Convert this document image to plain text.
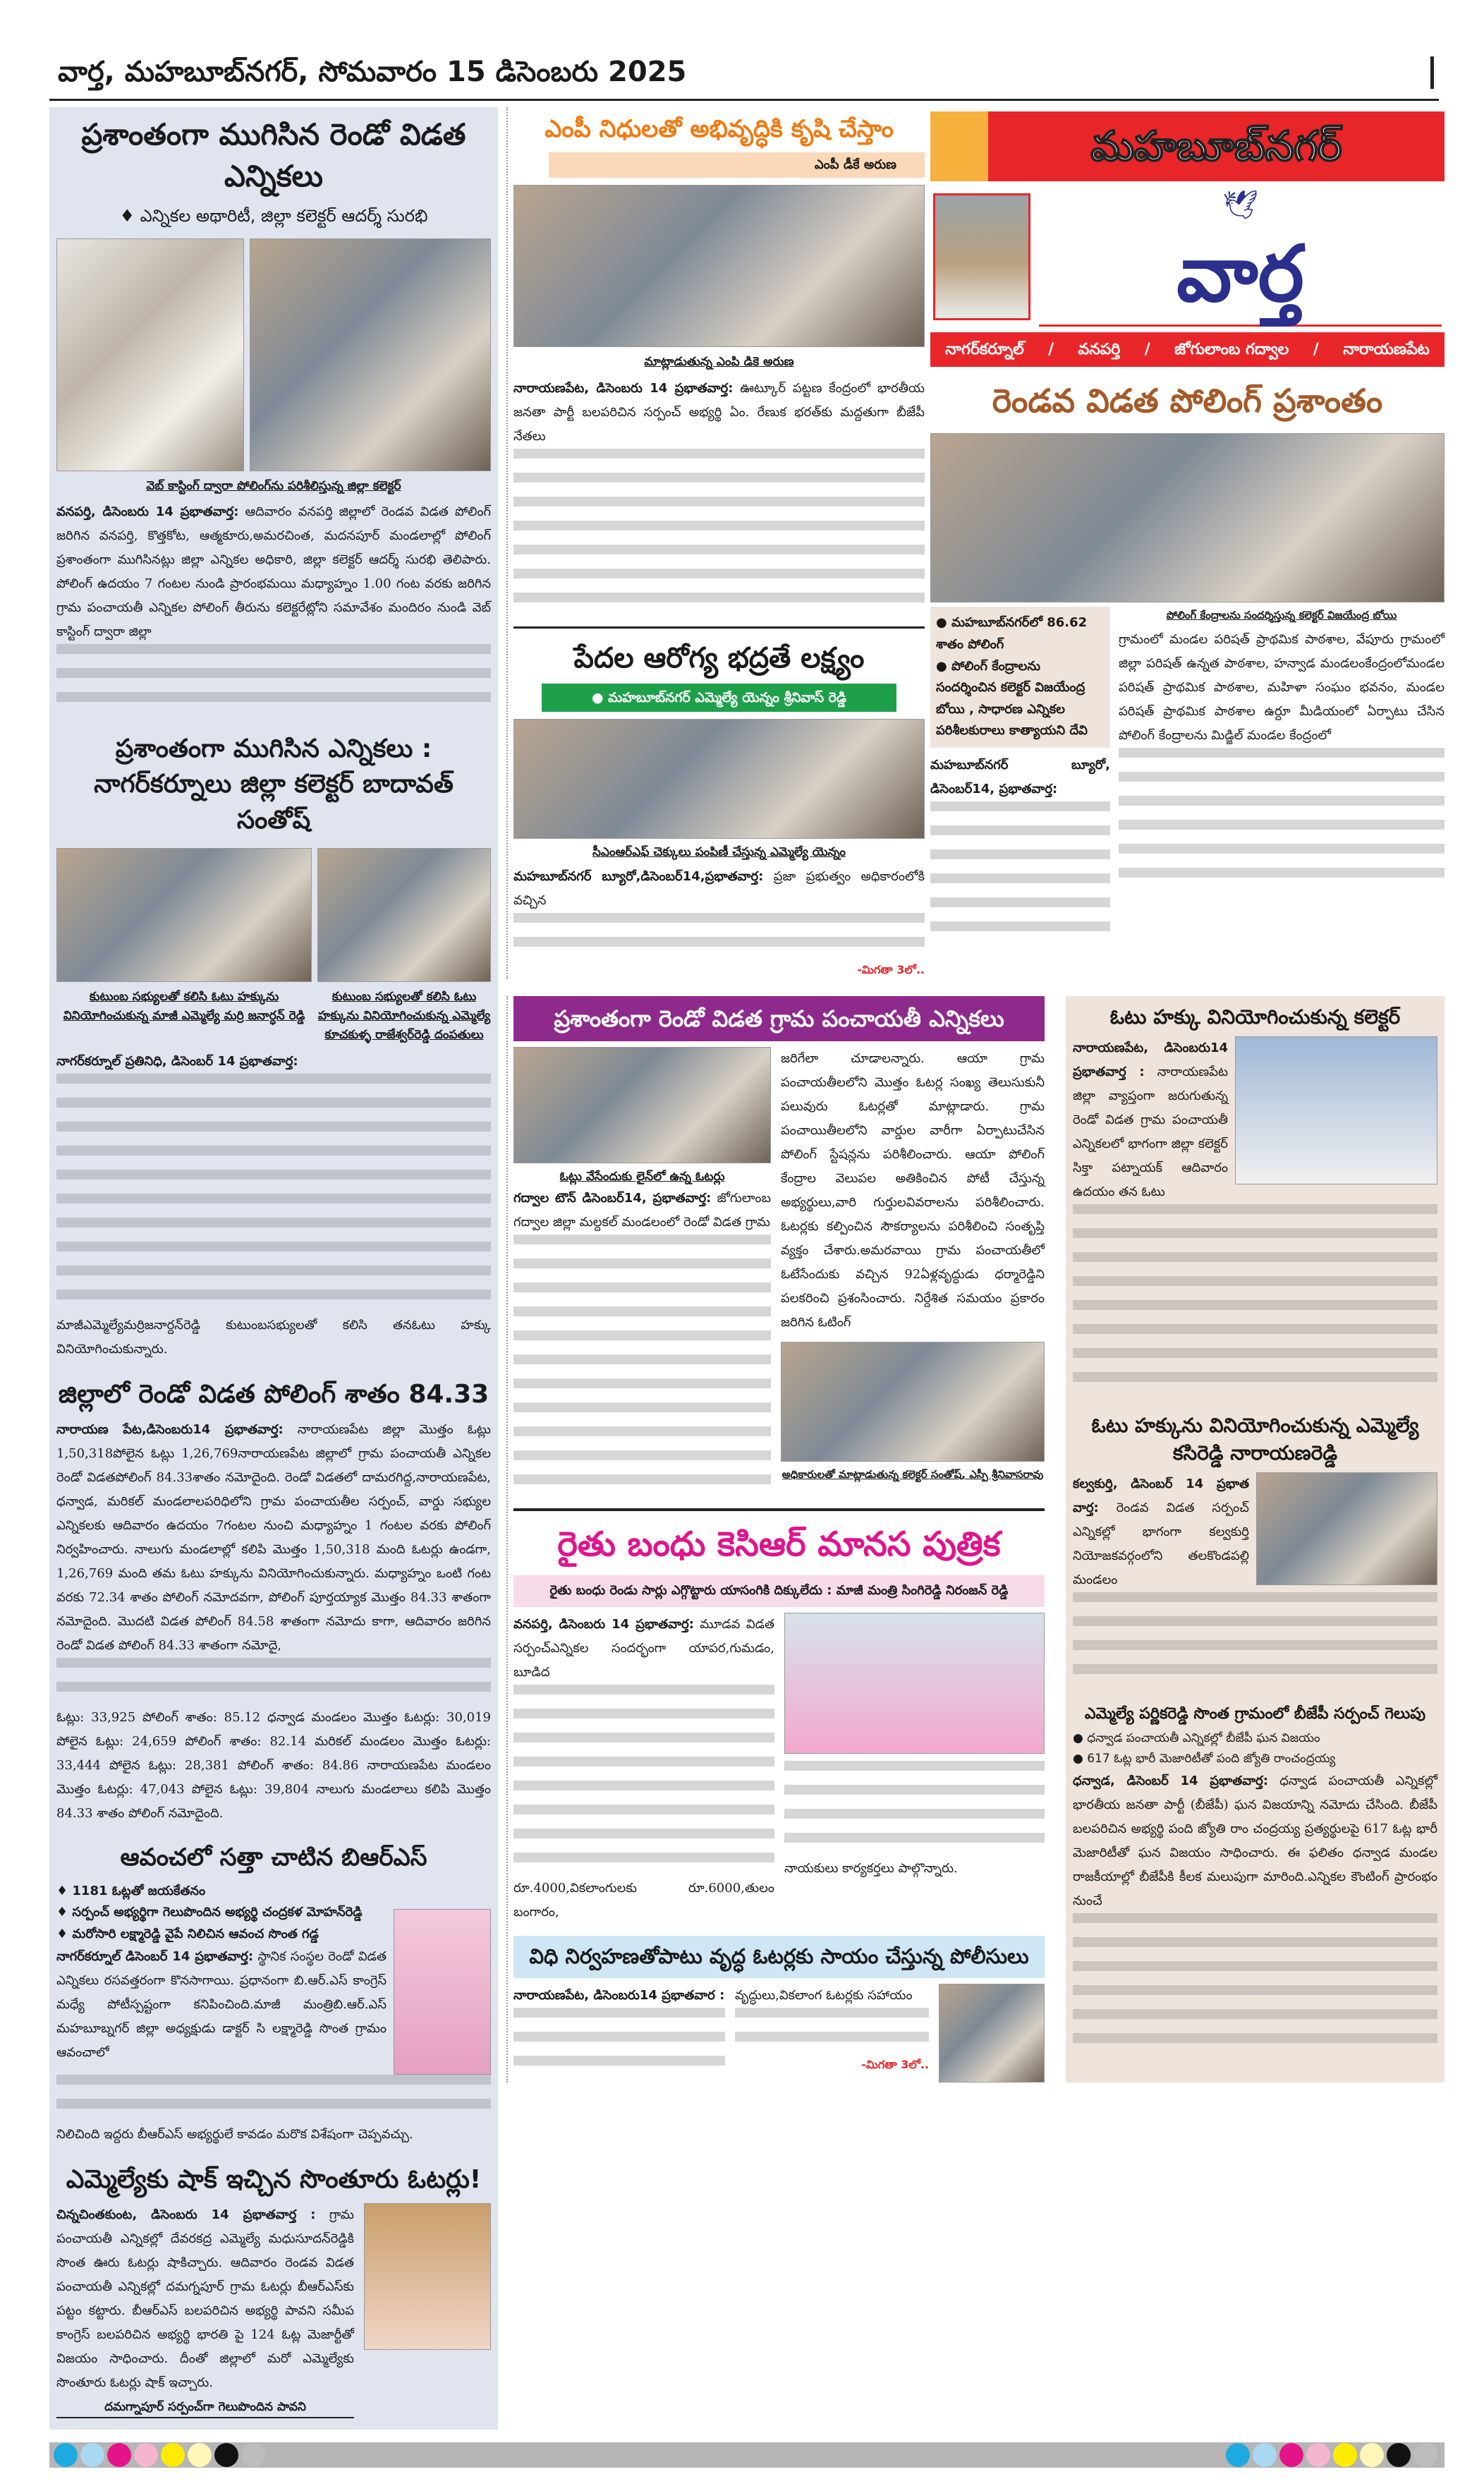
వార్త, మహబూబ్‌నగర్, సోమవారం 15 డిసెంబరు 2025
ప్రశాంతంగా ముగిసిన రెండో విడత ఎన్నికలు
♦ ఎన్నికల అథారిటీ, జిల్లా కలెక్టర్ ఆదర్శ్ సురభి
వెబ్ కాస్టింగ్ ద్వారా పోలింగ్‌ను పరిశీలిస్తున్న జిల్లా కలెక్టర్
వనపర్తి, డిసెంబరు 14 ప్రభాతవార్త: ఆదివారం వనపర్తి జిల్లాలో రెండవ విడత పోలింగ్ జరిగిన వనపర్తి, కొత్తకోట, ఆత్మకూరు,అమరచింత, మదనపూర్ మండలాల్లో పోలింగ్ ప్రశాంతంగా ముగిసినట్లు జిల్లా ఎన్నికల అధికారి, జిల్లా కలెక్టర్ ఆదర్శ్ సురభి తెలిపారు. పోలింగ్ ఉదయం 7 గంటల నుండి ప్రారంభమయి మధ్యాహ్నం 1.00 గంట వరకు జరిగిన గ్రామ పంచాయతీ ఎన్నికల పోలింగ్ తీరును కలెక్టరేట్లోని సమావేశం మందిరం నుండి వెబ్ కాస్టింగ్ ద్వారా జిల్లా
ప్రశాంతంగా ముగిసిన ఎన్నికలు : నాగర్‌కర్నూలు జిల్లా కలెక్టర్ బాదావత్ సంతోష్
కుటుంబ సభ్యులతో కలిసి ఓటు హక్కును వినియోగించుకున్న మాజీ ఎమ్మెల్యే మర్రి జనార్ధన్ రెడ్డి
కుటుంబ సభ్యులతో కలిసి ఓటు హక్కును వినియోగించుకున్న ఎమ్మెల్యే కూచకుళ్ళ రాజేశ్వర్‌రెడ్డి దంపతులు
నాగర్‌కర్నూల్ ప్రతినిధి, డిసెంబర్ 14 ప్రభాతవార్త:
మాజీఎమ్మెల్యేమర్రిజనార్దన్‌రెడ్డి కుటుంబసభ్యులతో కలిసి తనఓటు హక్కు వినియోగించుకున్నారు.
జిల్లాలో రెండో విడత పోలింగ్ శాతం 84.33
నారాయణ పేట,డిసెంబరు14 ప్రభాతవార్త: నారాయణపేట జిల్లా మొత్తం ఓట్లు 1,50,318పోలైన ఓట్లు 1,26,769నారాయణపేట జిల్లాలో గ్రామ పంచాయతీ ఎన్నికల రెండో విడతపోలింగ్ 84.33శాతం నమోదైంది. రెండో విడతలో దామరగిద్ద,నారాయణపేట, ధన్వాడ, మరికల్ మండలాలపరిధిలోని గ్రామ పంచాయతీల సర్పంచ్, వార్డు సభ్యుల ఎన్నికలకు ఆదివారం ఉదయం 7గంటల నుంచి మధ్యాహ్నం 1 గంటల వరకు పోలింగ్ నిర్వహించారు. నాలుగు మండలాల్లో కలిపి మొత్తం 1,50,318 మంది ఓటర్లు ఉండగా, 1,26,769 మంది తమ ఓటు హక్కును వినియోగించుకున్నారు. మధ్యాహ్నం ఒంటి గంట వరకు 72.34 శాతం పోలింగ్ నమోదవగా, పోలింగ్ పూర్తయ్యాక మొత్తం 84.33 శాతంగా నమోదైంది. మొదటి విడత పోలింగ్ 84.58 శాతంగా నమోదు కాగా, ఆదివారం జరిగిన రెండో విడత పోలింగ్ 84.33 శాతంగా నమోదై,
ఓట్లు: 33,925 పోలింగ్ శాతం: 85.12 ధన్వాడ మండలం మొత్తం ఓటర్లు: 30,019 పోలైన ఓట్లు: 24,659 పోలింగ్ శాతం: 82.14 మరికల్ మండలం మొత్తం ఓటర్లు: 33,444 పోలైన ఓట్లు: 28,381 పోలింగ్ శాతం: 84.86 నారాయణపేట మండలం మొత్తం ఓటర్లు: 47,043 పోలైన ఓట్లు: 39,804 నాలుగు మండలాలు కలిపి మొత్తం 84.33 శాతం పోలింగ్ నమోదైంది.
ఆవంచలో సత్తా చాటిన బిఆర్ఎస్
♦ 1181 ఓట్లతో జయకేతనం
♦ సర్పంచ్ అభ్యర్థిగా గెలుపొందిన అభ్యర్థి చంద్రకళ మోహన్‌రెడ్డి
♦ మరోసారి లక్ష్మారెడ్డి వైపే నిలిచిన ఆవంచ సొంత గడ్డ
నాగర్‌కర్నూల్ డిసెంబర్ 14 ప్రభాతవార్త: స్థానిక సంస్థల రెండో విడత ఎన్నికలు రసవత్తరంగా కొనసాగాయి. ప్రధానంగా బి.ఆర్.ఎస్ కాంగ్రెస్ మధ్యే పోటీస్పష్టంగా కనిపించింది.మాజీ మంత్రిబి.ఆర్.ఎస్ మహబూబ్నగర్ జిల్లా అధ్యక్షుడు డాక్టర్ సి లక్ష్మారెడ్డి సొంత గ్రామం ఆవంచాలో
నిలిచింది ఇద్దరు బీఆర్ఎస్ అభ్యర్థులే కావడం మరొక విశేషంగా చెప్పవచ్చు.
ఎమ్మెల్యేకు షాక్ ఇచ్చిన సొంతూరు ఓటర్లు!
చిన్నచింతకుంట, డిసెంబరు 14 ప్రభాతవార్త : గ్రామ పంచాయతీ ఎన్నికల్లో దేవరకద్ర ఎమ్మెల్యే మధుసూదన్‌రెడ్డికి సొంత ఊరు ఓటర్లు షాకిచ్చారు. ఆదివారం రెండవ విడత పంచాయతీ ఎన్నికల్లో దమగ్నపూర్ గ్రామ ఓటర్లు బీఆర్ఎస్‌కు పట్టం కట్టారు. బీఆర్ఎస్ బలపరిచిన అభ్యర్థి పావని సమీప కాంగ్రెస్ బలపరిచిన అభ్యర్థి భారతి పై 124 ఓట్ల మెజార్టీతో విజయం సాధించారు. దీంతో జిల్లాలో మరో ఎమ్మెల్యేకు సొంతూరు ఓటర్లు షాక్ ఇచ్చారు.
దమగ్నాపూర్ సర్పంచ్‌గా గెలుపొందిన పావని
ఎంపీ నిధులతో అభివృద్ధికి కృషి చేస్తాం
ఎంపీ డీకే అరుణ
మాట్లాడుతున్న ఎంపి డికె అరుణ
నారాయణపేట, డిసెంబరు 14 ప్రభాతవార్త: ఊట్కూర్ పట్టణ కేంద్రంలో భారతీయ జనతా పార్టీ బలపరిచిన సర్పంచ్ అభ్యర్థి ఏం. రేణుక భరత్‌కు మద్దతుగా బీజేపీ నేతలు
పేదల ఆరోగ్య భద్రతే లక్ష్యం
● మహబూబ్‌నగర్ ఎమ్మెల్యే యెన్నం శ్రీనివాస్ రెడ్డి
సీఎంఆర్ఎఫ్ చెక్కులు పంపిణీ చేస్తున్న ఎమ్మెల్యే యెన్నం
మహబూబ్‌నగర్ బ్యూరో,డిసెంబర్14,ప్రభాతవార్త: ప్రజా ప్రభుత్వం అధికారంలోకి వచ్చిన
-మిగతా 3లో..
మహబూబ్‌నగర్
🕊
వార్త
నాగర్‌కర్నూల్ / వనపర్తి / జోగులాంబ గద్వాల / నారాయణపేట
రెండవ విడత పోలింగ్ ప్రశాంతం
● మహబూబ్‌నగర్‌లో 86.62 శాతం పోలింగ్
● పోలింగ్ కేంద్రాలను సందర్శించిన కలెక్టర్ విజయేంద్ర బోయి , సాధారణ ఎన్నికల పరిశీలకురాలు కాత్యాయని దేవి
మహబూబ్‌నగర్ బ్యూరో, డిసెంబర్14, ప్రభాతవార్త:
పోలింగ్ కేంద్రాలను సందర్శిస్తున్న కలెక్టర్ విజయేంద్ర బోయి
గ్రామంలో మండల పరిషత్ ప్రాథమిక పాఠశాల, వేపూరు గ్రామంలో జిల్లా పరిషత్ ఉన్నత పాఠశాల, హన్వాడ మండలంకేంద్రంలోమండల పరిషత్ ప్రాథమిక పాఠశాల, మహిళా సంఘం భవనం, మండల పరిషత్ ప్రాథమిక పాఠశాల ఉర్దూ మీడియంలో ఏర్పాటు చేసిన పోలింగ్ కేంద్రాలను మిడ్జిల్ మండల కేంద్రంలో
ప్రశాంతంగా రెండో విడత గ్రామ పంచాయతీ ఎన్నికలు
ఓట్లు వేసేందుకు లైన్‌లో ఉన్న ఓటర్లు
గద్వాల టౌన్ డిసెంబర్14, ప్రభాతవార్త: జోగులాంబ గద్వాల జిల్లా మల్దకల్ మండలంలో రెండో విడత గ్రామ
జరిగేలా చూడాలన్నారు. ఆయా గ్రామ పంచాయతీలలోని మొత్తం ఓటర్ల సంఖ్య తెలుసుకునీ పలువురు ఓటర్లతో మాట్లాడారు. గ్రామ పంచాయితీలలోని వార్డుల వారీగా ఏర్పాటుచేసిన పోలింగ్ స్టేషన్లను పరిశీలించారు. ఆయా పోలింగ్ కేంద్రాల వెలుపల అతికించిన పోటీ చేస్తున్న అభ్యర్థులు,వారి గుర్తులవివరాలను పరిశీలించారు. ఓటర్లకు కల్పించిన సౌకర్యాలను పరిశీలించి సంతృప్తి వ్యక్తం చేశారు.అమరవాయి గ్రామ పంచాయతీలో ఓటేసేందుకు వచ్చిన 92ఏళ్లవృద్ధుడు ధర్మారెడ్డిని పలకరించి ప్రశంసించారు. నిర్దేశిత సమయం ప్రకారం జరిగిన ఓటింగ్
అధికారులతో మాట్లాడుతున్న కలెక్టర్ సంతోష్, ఎస్పీ శ్రీనివాసరావు
రైతు బంధు కెసిఆర్ మానస పుత్రిక
రైతు బంధు రెండు సార్లు ఎగ్గొట్టారు యాసంగికి దిక్కులేదు : మాజీ మంత్రి సింగిరెడ్డి నిరంజన్ రెడ్డి
వనపర్తి, డిసెంబరు 14 ప్రభాతవార్త: మూడవ విడత సర్పంచ్‌ఎన్నికల సందర్భంగా యాపర,గుమడం, బూడిద
రూ.4000,వికలాంగులకు రూ.6000,తులం బంగారం,
నాయకులు కార్యకర్తలు పాల్గొన్నారు.
విధి నిర్వహణతోపాటు వృద్ధ ఓటర్లకు సాయం చేస్తున్న పోలీసులు
నారాయణపేట, డిసెంబరు14 ప్రభాతవార : వృద్ధులు,వికలాంగ ఓటర్లకు సహాయం
-మిగతా 3లో..
ఓటు హక్కు వినియోగించుకున్న కలెక్టర్
నారాయణపేట, డిసెంబరు14 ప్రభాతవార్త : నారాయణపేట జిల్లా వ్యాప్తంగా జరుగుతున్న రెండో విడత గ్రామ పంచాయతీ ఎన్నికలలో భాగంగా జిల్లా కలెక్టర్ సిక్తా పట్నాయక్ ఆదివారం ఉదయం తన ఓటు
ఓటు హక్కును వినియోగించుకున్న ఎమ్మెల్యే కసిరెడ్డి నారాయణరెడ్డి
కల్వకుర్తి, డిసెంబర్ 14 ప్రభాత వార్త: రెండవ విడత సర్పంచ్ ఎన్నికల్లో భాగంగా కల్వకుర్తి నియోజకవర్గంలోని తలకొండపల్లి మండలం
ఎమ్మెల్యే పర్ణికరెడ్డి సొంత గ్రామంలో బీజేపీ సర్పంచ్ గెలుపు
● ధన్వాడ పంచాయతీ ఎన్నికల్లో బీజేపీ ఘన విజయం
● 617 ఓట్ల భారీ మెజారిటీతో పంది జ్యోతి రాంచంద్రయ్య
ధన్వాడ, డిసెంబర్ 14 ప్రభాతవార్త: ధన్వాడ పంచాయతీ ఎన్నికల్లో భారతీయ జనతా పార్టీ (బీజేపీ) ఘన విజయాన్ని నమోదు చేసింది. బీజేపీ బలపరిచిన అభ్యర్థి పంది జ్యోతి రాం చంద్రయ్య ప్రత్యర్థులపై 617 ఓట్ల భారీ మెజారిటీతో ఘన విజయం సాధించారు. ఈ ఫలితం ధన్వాడ మండల రాజకీయాల్లో బీజేపీకి కీలక మలుపుగా మారింది.ఎన్నికల కౌంటింగ్ ప్రారంభం నుంచే
